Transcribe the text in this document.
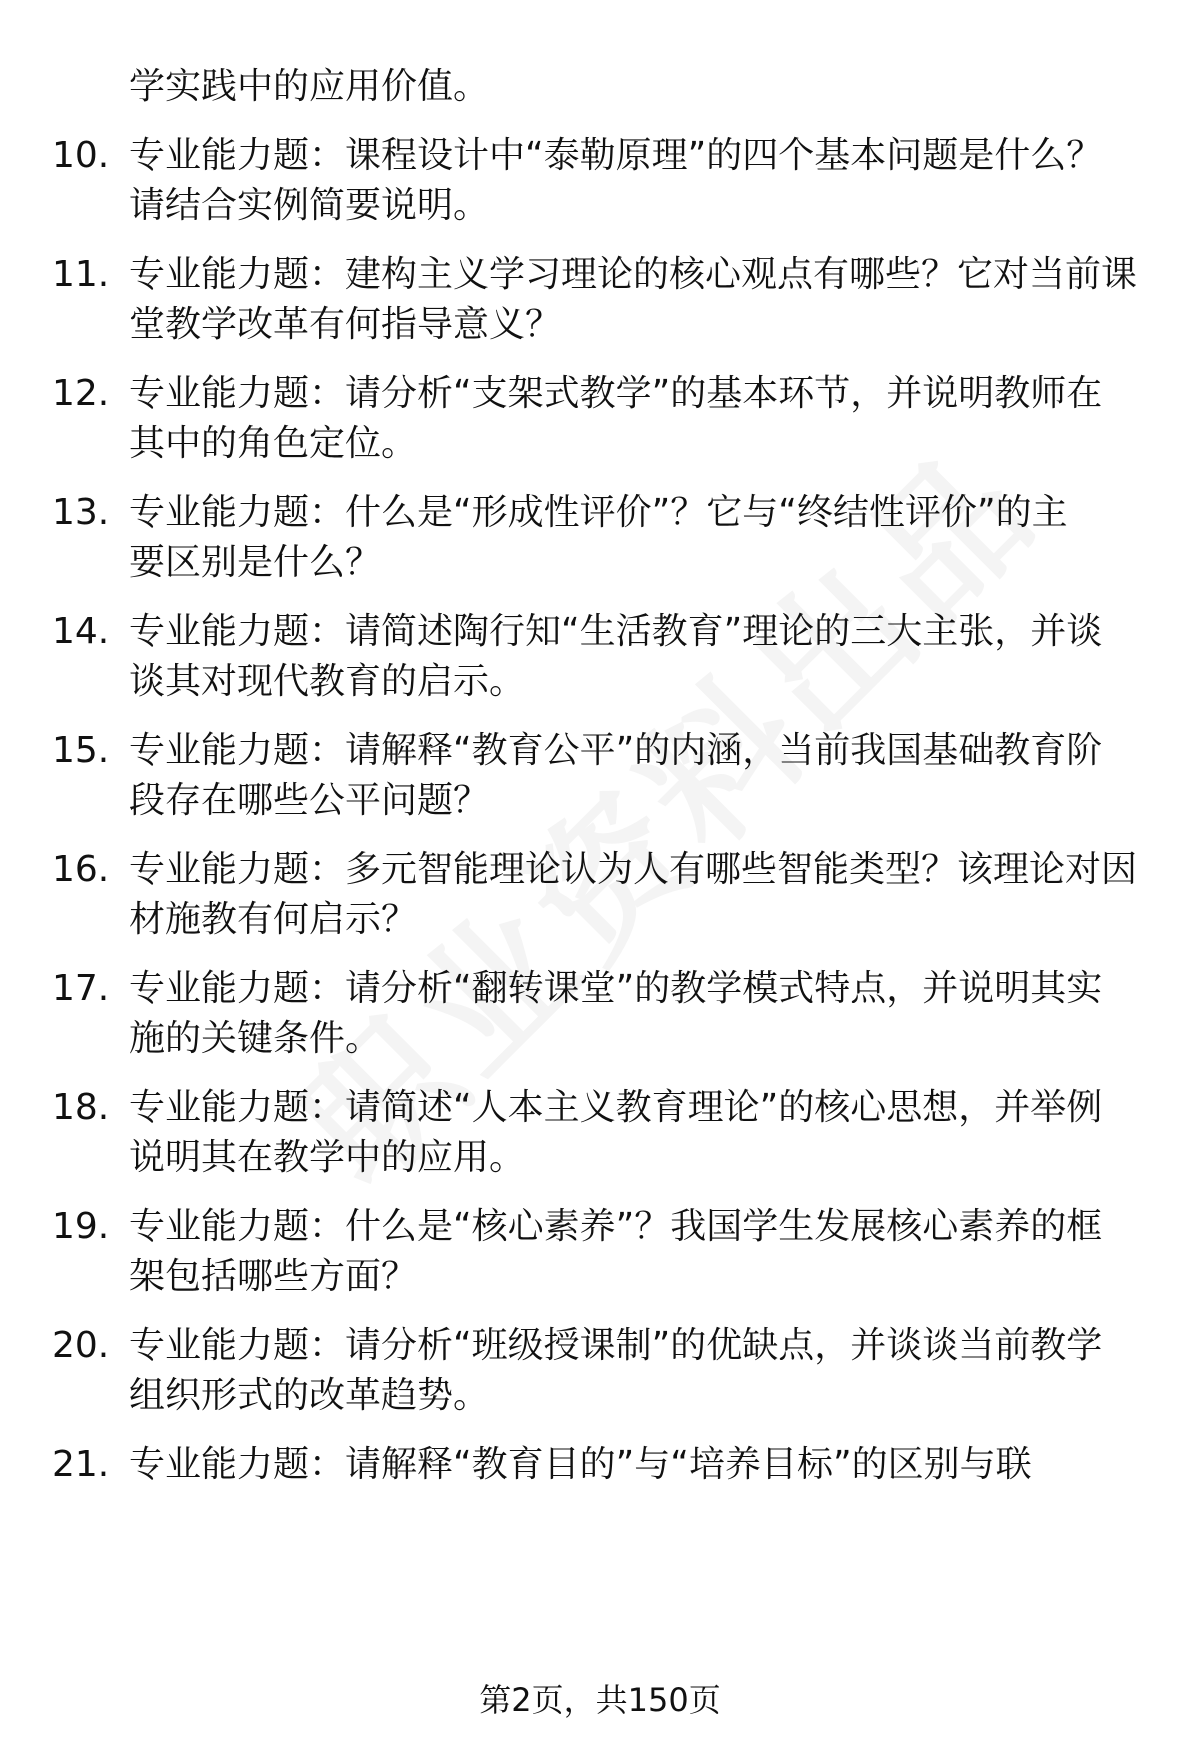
学实践中的应用价值。
10. 专业能力题：课程设计中“泰勒原理”的四个基本问题是什么？
请结合实例简要说明。
11. 专业能力题：建构主义学习理论的核心观点有哪些？它对当前课
堂教学改革有何指导意义？
12. 专业能力题：请分析“支架式教学”的基本环节，并说明教师在
其中的角色定位。
13. 专业能力题：什么是“形成性评价”？它与“终结性评价”的主
要区别是什么？
14. 专业能力题：请简述陶行知“生活教育”理论的三大主张，并谈
谈其对现代教育的启示。
15. 专业能力题：请解释“教育公平”的内涵，当前我国基础教育阶
段存在哪些公平问题？
16. 专业能力题：多元智能理论认为人有哪些智能类型？该理论对因
材施教有何启示？
17. 专业能力题：请分析“翻转课堂”的教学模式特点，并说明其实
施的关键条件。
18. 专业能力题：请简述“人本主义教育理论”的核心思想，并举例
说明其在教学中的应用。
19. 专业能力题：什么是“核心素养”？我国学生发展核心素养的框
架包括哪些方面？
20. 专业能力题：请分析“班级授课制”的优缺点，并谈谈当前教学
组织形式的改革趋势。
21. 专业能力题：请解释“教育目的”与“培养目标”的区别与联
第2页，共150页
